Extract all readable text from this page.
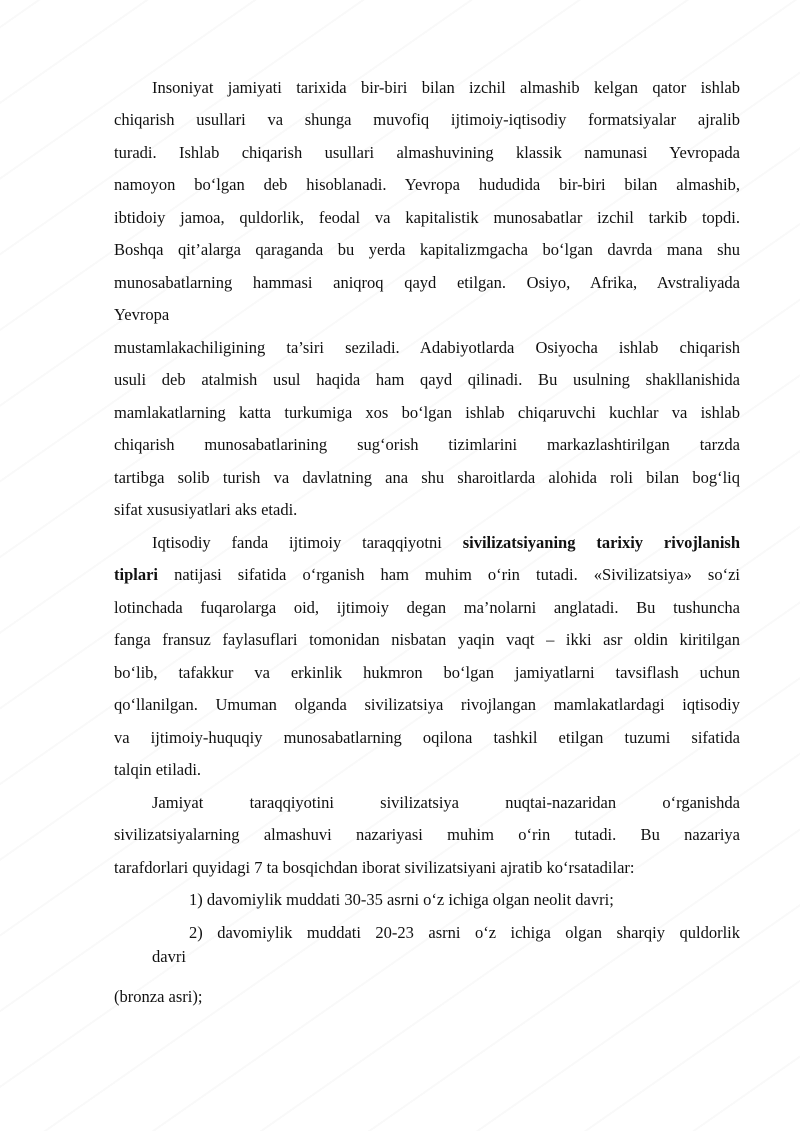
Insoniyat jamiyati tarixida bir-biri bilan izchil almashib kelgan qator ishlab
chiqarish usullari va shunga muvofiq ijtimoiy-iqtisodiy formatsiyalar ajralib
turadi. Ishlab chiqarish usullari almashuvining klassik namunasi Yevropada
namoyon bo‘lgan deb hisoblanadi. Yevropa hududida bir-biri bilan almashib,
ibtidoiy jamoa, quldorlik, feodal va kapitalistik munosabatlar izchil tarkib topdi.
Boshqa qit’alarga qaraganda bu yerda kapitalizmgacha bo‘lgan davrda mana shu
munosabatlarning hammasi aniqroq qayd etilgan. Osiyo, Afrika, Avstraliyada
Yevropa
mustamlakachiligining ta’siri seziladi. Adabiyotlarda Osiyocha ishlab chiqarish
usuli deb atalmish usul haqida ham qayd qilinadi. Bu usulning shakllanishida
mamlakatlarning katta turkumiga xos bo‘lgan ishlab chiqaruvchi kuchlar va ishlab
chiqarish munosabatlarining sug‘orish tizimlarini markazlashtirilgan tarzda
tartibga solib turish va davlatning ana shu sharoitlarda alohida roli bilan bog‘liq
sifat xususiyatlari aks etadi.
Iqtisodiy fanda ijtimoiy taraqqiyotni sivilizatsiyaning tarixiy rivojlanish
tiplari natijasi sifatida o‘rganish ham muhim o‘rin tutadi. «Sivilizatsiya» so‘zi
lotinchada fuqarolarga oid, ijtimoiy degan ma’nolarni anglatadi. Bu tushuncha
fanga fransuz faylasuflari tomonidan nisbatan yaqin vaqt – ikki asr oldin kiritilgan
bo‘lib, tafakkur va erkinlik hukmron bo‘lgan jamiyatlarni tavsiflash uchun
qo‘llanilgan. Umuman olganda sivilizatsiya rivojlangan mamlakatlardagi iqtisodiy
va ijtimoiy-huquqiy munosabatlarning oqilona tashkil etilgan tuzumi sifatida
talqin etiladi.
Jamiyat taraqqiyotini sivilizatsiya nuqtai-nazaridan o‘rganishda
sivilizatsiyalarning almashuvi nazariyasi muhim o‘rin tutadi. Bu nazariya
tarafdorlari quyidagi 7 ta bosqichdan iborat sivilizatsiyani ajratib ko‘rsatadilar:
1) davomiylik muddati 30-35 asrni o‘z ichiga olgan neolit davri;
2) davomiylik muddati 20-23 asrni o‘z ichiga olgan sharqiy quldorlik
davri
(bronza asri);
